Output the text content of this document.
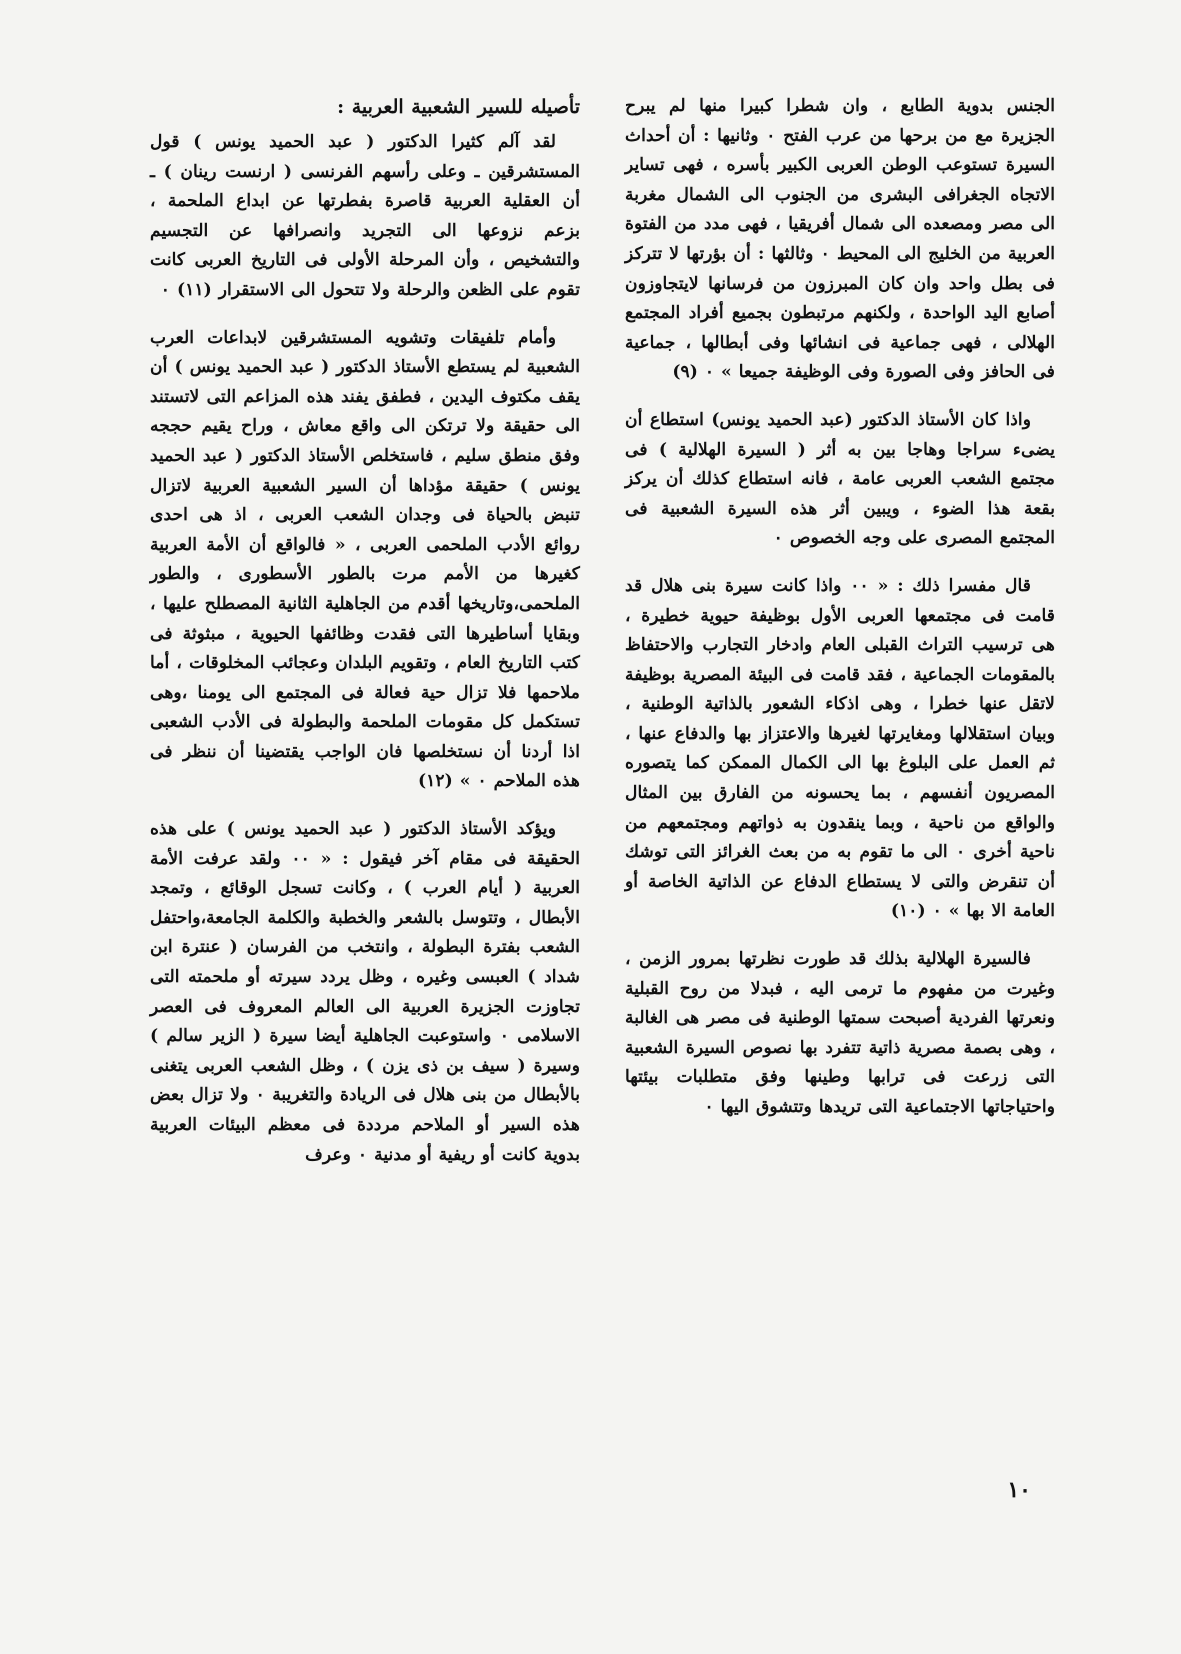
الجنس بدوية الطابع ، وان شطرا كبيرا منها لم يبرح الجزيرة مع من برحها من عرب الفتح ٠ وثانيها : أن أحداث السيرة تستوعب الوطن العربى الكبير بأسره ، فهى تساير الاتجاه الجغرافى البشرى من الجنوب الى الشمال مغربة الى مصر ومصعده الى شمال أفريقيا ، فهى مدد من الفتوة العربية من الخليج الى المحيط ٠ وثالثها : أن بؤرتها لا تتركز فى بطل واحد وان كان المبرزون من فرسانها لايتجاوزون أصابع اليد الواحدة ، ولكنهم مرتبطون بجميع أفراد المجتمع الهلالى ، فهى جماعية فى انشائها وفى أبطالها ، جماعية فى الحافز وفى الصورة وفى الوظيفة جميعا » ٠ (٩)

واذا كان الأستاذ الدكتور (عبد الحميد يونس) استطاع أن يضىء سراجا وهاجا بين به أثر ( السيرة الهلالية ) فى مجتمع الشعب العربى عامة ، فانه استطاع كذلك أن يركز بقعة هذا الضوء ، ويبين أثر هذه السيرة الشعبية فى المجتمع المصرى على وجه الخصوص ٠

قال مفسرا ذلك : « ٠٠ واذا كانت سيرة بنى هلال قد قامت فى مجتمعها العربى الأول بوظيفة حيوية خطيرة ، هى ترسيب التراث القبلى العام وادخار التجارب والاحتفاظ بالمقومات الجماعية ، فقد قامت فى البيئة المصرية بوظيفة لاتقل عنها خطرا ، وهى اذكاء الشعور بالذاتية الوطنية ، وبيان استقلالها ومغايرتها لغيرها والاعتزاز بها والدفاع عنها ، ثم العمل على البلوغ بها الى الكمال الممكن كما يتصوره المصريون أنفسهم ، بما يحسونه من الفارق بين المثال والواقع من ناحية ، وبما ينقدون به ذواتهم ومجتمعهم من ناحية أخرى ٠ الى ما تقوم به من بعث الغرائز التى توشك أن تنقرض والتى لا يستطاع الدفاع عن الذاتية الخاصة أو العامة الا بها » ٠ (١٠)

فالسيرة الهلالية بذلك قد طورت نظرتها بمرور الزمن ، وغيرت من مفهوم ما ترمى اليه ، فبدلا من روح القبلية ونعرتها الفردية أصبحت سمتها الوطنية فى مصر هى الغالبة ، وهى بصمة مصرية ذاتية تتفرد بها نصوص السيرة الشعبية التى زرعت فى ترابها وطينها وفق متطلبات بيئتها واحتياجاتها الاجتماعية التى تريدها وتتشوق اليها ٠

تأصيله للسير الشعبية العربية :

لقد آلم كثيرا الدكتور ( عبد الحميد يونس ) قول المستشرقين ـ وعلى رأسهم الفرنسى ( ارنست رينان ) ـ أن العقلية العربية قاصرة بفطرتها عن ابداع الملحمة ، بزعم نزوعها الى التجريد وانصرافها عن التجسيم والتشخيص ، وأن المرحلة الأولى فى التاريخ العربى كانت تقوم على الظعن والرحلة ولا تتحول الى الاستقرار (١١) ٠

وأمام تلفيقات وتشويه المستشرقين لابداعات العرب الشعبية لم يستطع الأستاذ الدكتور ( عبد الحميد يونس ) أن يقف مكتوف اليدين ، فطفق يفند هذه المزاعم التى لاتستند الى حقيقة ولا ترتكن الى واقع معاش ، وراح يقيم حججه وفق منطق سليم ، فاستخلص الأستاذ الدكتور ( عبد الحميد يونس ) حقيقة مؤداها أن السير الشعبية العربية لاتزال تنبض بالحياة فى وجدان الشعب العربى ، اذ هى احدى روائع الأدب الملحمى العربى ، « فالواقع أن الأمة العربية كغيرها من الأمم مرت بالطور الأسطورى ، والطور الملحمى،وتاريخها أقدم من الجاهلية الثانية المصطلح عليها ، وبقايا أساطيرها التى فقدت وظائفها الحيوية ، مبثوثة فى كتب التاريخ العام ، وتقويم البلدان وعجائب المخلوقات ، أما ملاحمها فلا تزال حية فعالة فى المجتمع الى يومنا ،وهى تستكمل كل مقومات الملحمة والبطولة فى الأدب الشعبى اذا أردنا أن نستخلصها فان الواجب يقتضينا أن ننظر فى هذه الملاحم ٠ » (١٢)

ويؤكد الأستاذ الدكتور ( عبد الحميد يونس ) على هذه الحقيقة فى مقام آخر فيقول : « ٠٠ ولقد عرفت الأمة العربية ( أيام العرب ) ، وكانت تسجل الوقائع ، وتمجد الأبطال ، وتتوسل بالشعر والخطبة والكلمة الجامعة،واحتفل الشعب بفترة البطولة ، وانتخب من الفرسان ( عنترة ابن شداد ) العبسى وغيره ، وظل يردد سيرته أو ملحمته التى تجاوزت الجزيرة العربية الى العالم المعروف فى العصر الاسلامى ٠ واستوعبت الجاهلية أيضا سيرة ( الزير سالم ) وسيرة ( سيف بن ذى يزن ) ، وظل الشعب العربى يتغنى بالأبطال من بنى هلال فى الريادة والتغريبة ٠ ولا تزال بعض هذه السير أو الملاحم مرددة فى معظم البيئات العربية بدوية كانت أو ريفية أو مدنية ٠ وعرف

١٠
